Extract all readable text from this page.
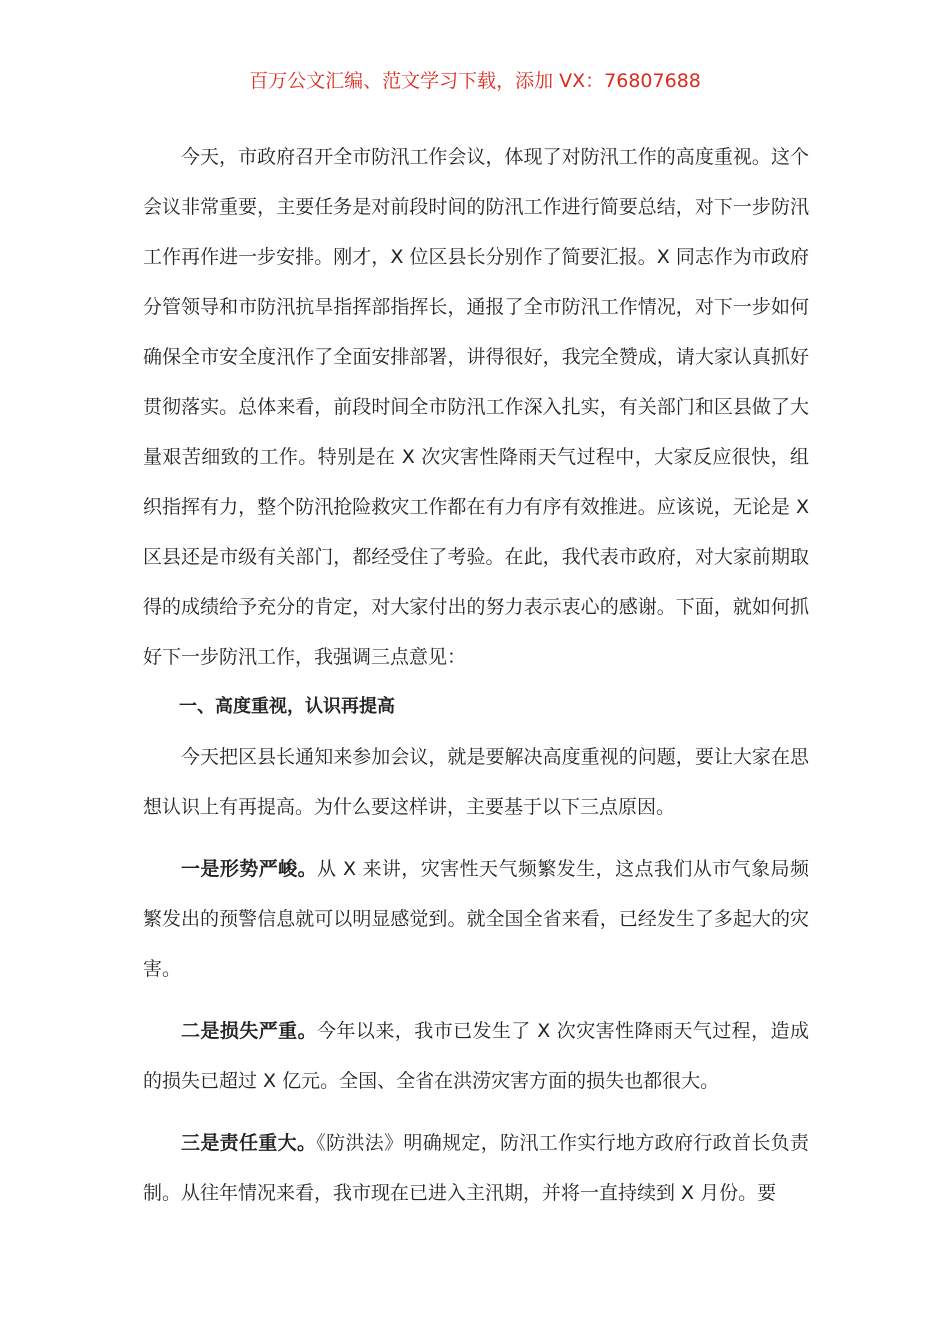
百万公文汇编、范文学习下载，添加 VX：76807688

今天，市政府召开全市防汛工作会议，体现了对防汛工作的高度重视。这个会议非常重要，主要任务是对前段时间的防汛工作进行简要总结，对下一步防汛工作再作进一步安排。刚才，X 位区县长分别作了简要汇报。X 同志作为市政府分管领导和市防汛抗旱指挥部指挥长，通报了全市防汛工作情况，对下一步如何确保全市安全度汛作了全面安排部署，讲得很好，我完全赞成，请大家认真抓好贯彻落实。总体来看，前段时间全市防汛工作深入扎实，有关部门和区县做了大量艰苦细致的工作。特别是在 X 次灾害性降雨天气过程中，大家反应很快，组织指挥有力，整个防汛抢险救灾工作都在有力有序有效推进。应该说，无论是 X 区县还是市级有关部门，都经受住了考验。在此，我代表市政府，对大家前期取得的成绩给予充分的肯定，对大家付出的努力表示衷心的感谢。下面，就如何抓好下一步防汛工作，我强调三点意见：

一、高度重视，认识再提高

今天把区县长通知来参加会议，就是要解决高度重视的问题，要让大家在思想认识上有再提高。为什么要这样讲，主要基于以下三点原因。

一是形势严峻。从 X 来讲，灾害性天气频繁发生，这点我们从市气象局频繁发出的预警信息就可以明显感觉到。就全国全省来看，已经发生了多起大的灾害。

二是损失严重。今年以来，我市已发生了 X 次灾害性降雨天气过程，造成的损失已超过 X 亿元。全国、全省在洪涝灾害方面的损失也都很大。

三是责任重大。《防洪法》明确规定，防汛工作实行地方政府行政首长负责制。从往年情况来看，我市现在已进入主汛期，并将一直持续到 X 月份。要
